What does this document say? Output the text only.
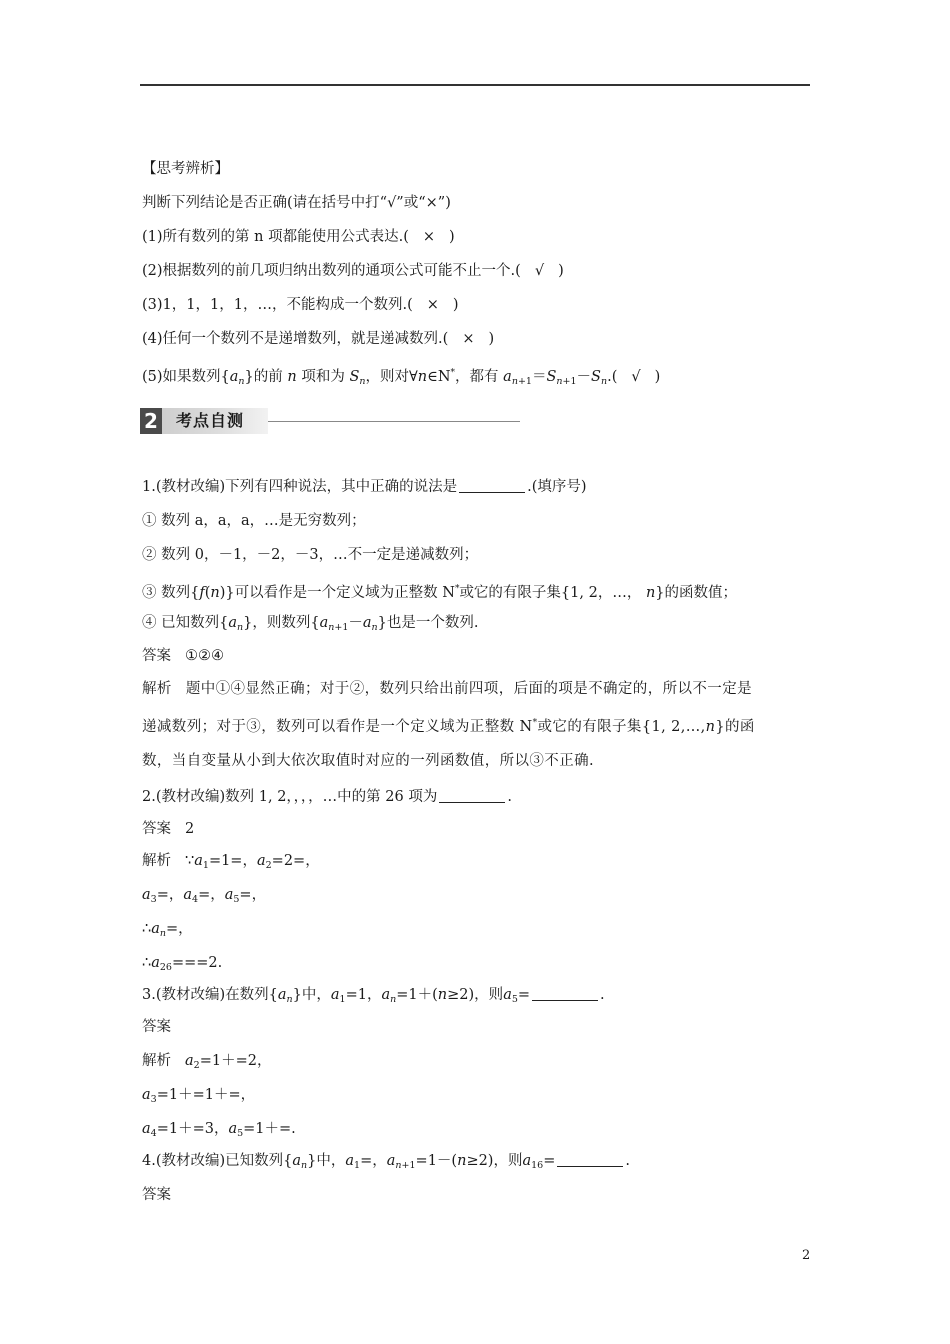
【思考辨析】
判断下列结论是否正确(请在括号中打“√”或“×”)
(1)所有数列的第 n 项都能使用公式表达.( × )
(2)根据数列的前几项归纳出数列的通项公式可能不止一个.( √ )
(3)1，1，1，1，…，不能构成一个数列.( × )
(4)任何一个数列不是递增数列，就是递减数列.( × )
(5)如果数列$\{a_n\}$的前 n 项和为 $S_n$，则对∀n∈N*，都有 $a_{n+1}=S_{n+1}-S_n$.( √ )
2 考点自测
1.(教材改编)下列有四种说法，其中正确的说法是	.(填序号)
① 数列 a，a，a，…是无穷数列；
② 数列 0，－1，－2，－3，…不一定是递减数列；
③ 数列{f(n)}可以看作是一个定义域为正整数 N*或它的有限子集{1, 2，…， n}的函数值；
④ 已知数列$\{a_n\}$，则数列$\{a_{n+1}-a_n\}$也是一个数列.
答案 ①②④
解析 题中①④显然正确；对于②，数列只给出前四项，后面的项是不确定的，所以不一定是
递减数列；对于③，数列可以看作是一个定义域为正整数 N*或它的有限子集{1, 2,…,n}的函
数，当自变量从小到大依次取值时对应的一列函数值，所以③不正确.
2.(教材改编)数列 1, 2，，，，…中的第 26 项为	.
答案 2
解析 $\because a_1=1=$，$a_2=2=$，
$a_3=$，$a_4=$，$a_5=$，
$\therefore a_n=$，
$\therefore a_{26}===2$.
3.(教材改编)在数列$\{a_n\}$中，$a_1=1$，$a_n=1+(n\ge 2)$，则$a_5=$	.
答案
解析 $a_2=1+=2$，
$a_3=1+=1+=$，
$a_4=1+=3$，$a_5=1+=$.
4.(教材改编)已知数列$\{a_n\}$中，$a_1=$，$a_{n+1}=1-(n\ge 2)$，则$a_{16}=$	.
答案
2
